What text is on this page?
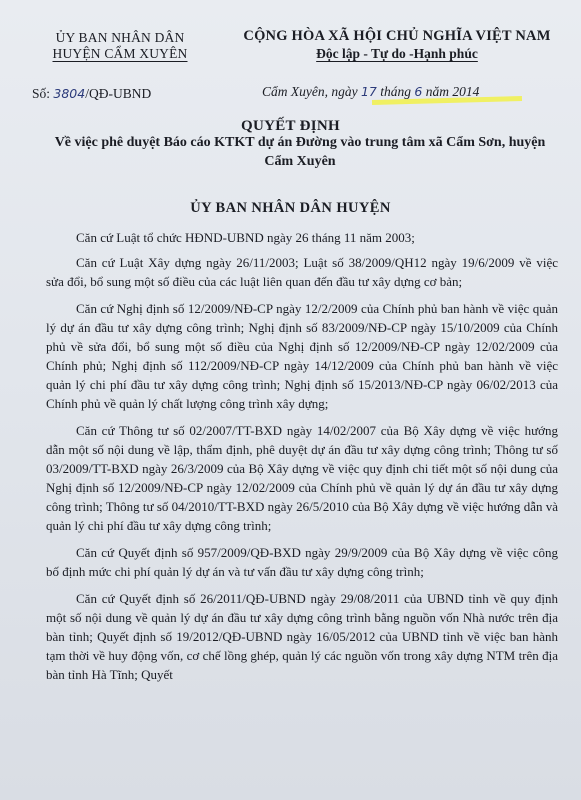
ỦY BAN NHÂN DÂN
HUYỆN CẨM XUYÊN
CỘNG HÒA XÃ HỘI CHỦ NGHĨA VIỆT NAM
Độc lập - Tự do -Hạnh phúc
Số: 3804/QĐ-UBND	Cẩm Xuyên, ngày 17 tháng 6 năm 2014
QUYẾT ĐỊNH
Về việc phê duyệt Báo cáo KTKT dự án Đường vào trung tâm xã Cẩm Sơn, huyện Cẩm Xuyên
ỦY BAN NHÂN DÂN HUYỆN

Căn cứ Luật tổ chức HĐND-UBND ngày 26 tháng 11 năm 2003;

Căn cứ Luật Xây dựng ngày 26/11/2003; Luật số 38/2009/QH12 ngày 19/6/2009 về việc sửa đổi, bổ sung một số điều của các luật liên quan đến đầu tư xây dựng cơ bản;

Căn cứ Nghị định số 12/2009/NĐ-CP ngày 12/2/2009 của Chính phủ ban hành về việc quản lý dự án đầu tư xây dựng công trình; Nghị định số 83/2009/NĐ-CP ngày 15/10/2009 của Chính phủ về sửa đổi, bổ sung một số điều của Nghị định số 12/2009/NĐ-CP ngày 12/02/2009 của Chính phủ; Nghị định số 112/2009/NĐ-CP ngày 14/12/2009 của Chính phủ ban hành về việc quản lý chi phí đầu tư xây dựng công trình; Nghị định số 15/2013/NĐ-CP ngày 06/02/2013 của Chính phủ về quản lý chất lượng công trình xây dựng;

Căn cứ Thông tư số 02/2007/TT-BXD ngày 14/02/2007 của Bộ Xây dựng về việc hướng dẫn một số nội dung về lập, thẩm định, phê duyệt dự án đầu tư xây dựng công trình; Thông tư số 03/2009/TT-BXD ngày 26/3/2009 của Bộ Xây dựng về việc quy định chi tiết một số nội dung của Nghị định số 12/2009/NĐ-CP ngày 12/02/2009 của Chính phủ về quản lý dự án đầu tư xây dựng công trình; Thông tư số 04/2010/TT-BXD ngày 26/5/2010 của Bộ Xây dựng về việc hướng dẫn và quản lý chi phí đầu tư xây dựng công trình;

Căn cứ Quyết định số 957/2009/QĐ-BXD ngày 29/9/2009 của Bộ Xây dựng về việc công bố định mức chi phí quản lý dự án và tư vấn đầu tư xây dựng công trình;

Căn cứ Quyết định số 26/2011/QĐ-UBND ngày 29/08/2011 của UBND tỉnh về quy định một số nội dung về quản lý dự án đầu tư xây dựng công trình bằng nguồn vốn Nhà nước trên địa bàn tỉnh; Quyết định số 19/2012/QĐ-UBND ngày 16/05/2012 của UBND tỉnh về việc ban hành tạm thời về huy động vốn, cơ chế lồng ghép, quản lý các nguồn vốn trong xây dựng NTM trên địa bàn tỉnh Hà Tĩnh; Quyết
